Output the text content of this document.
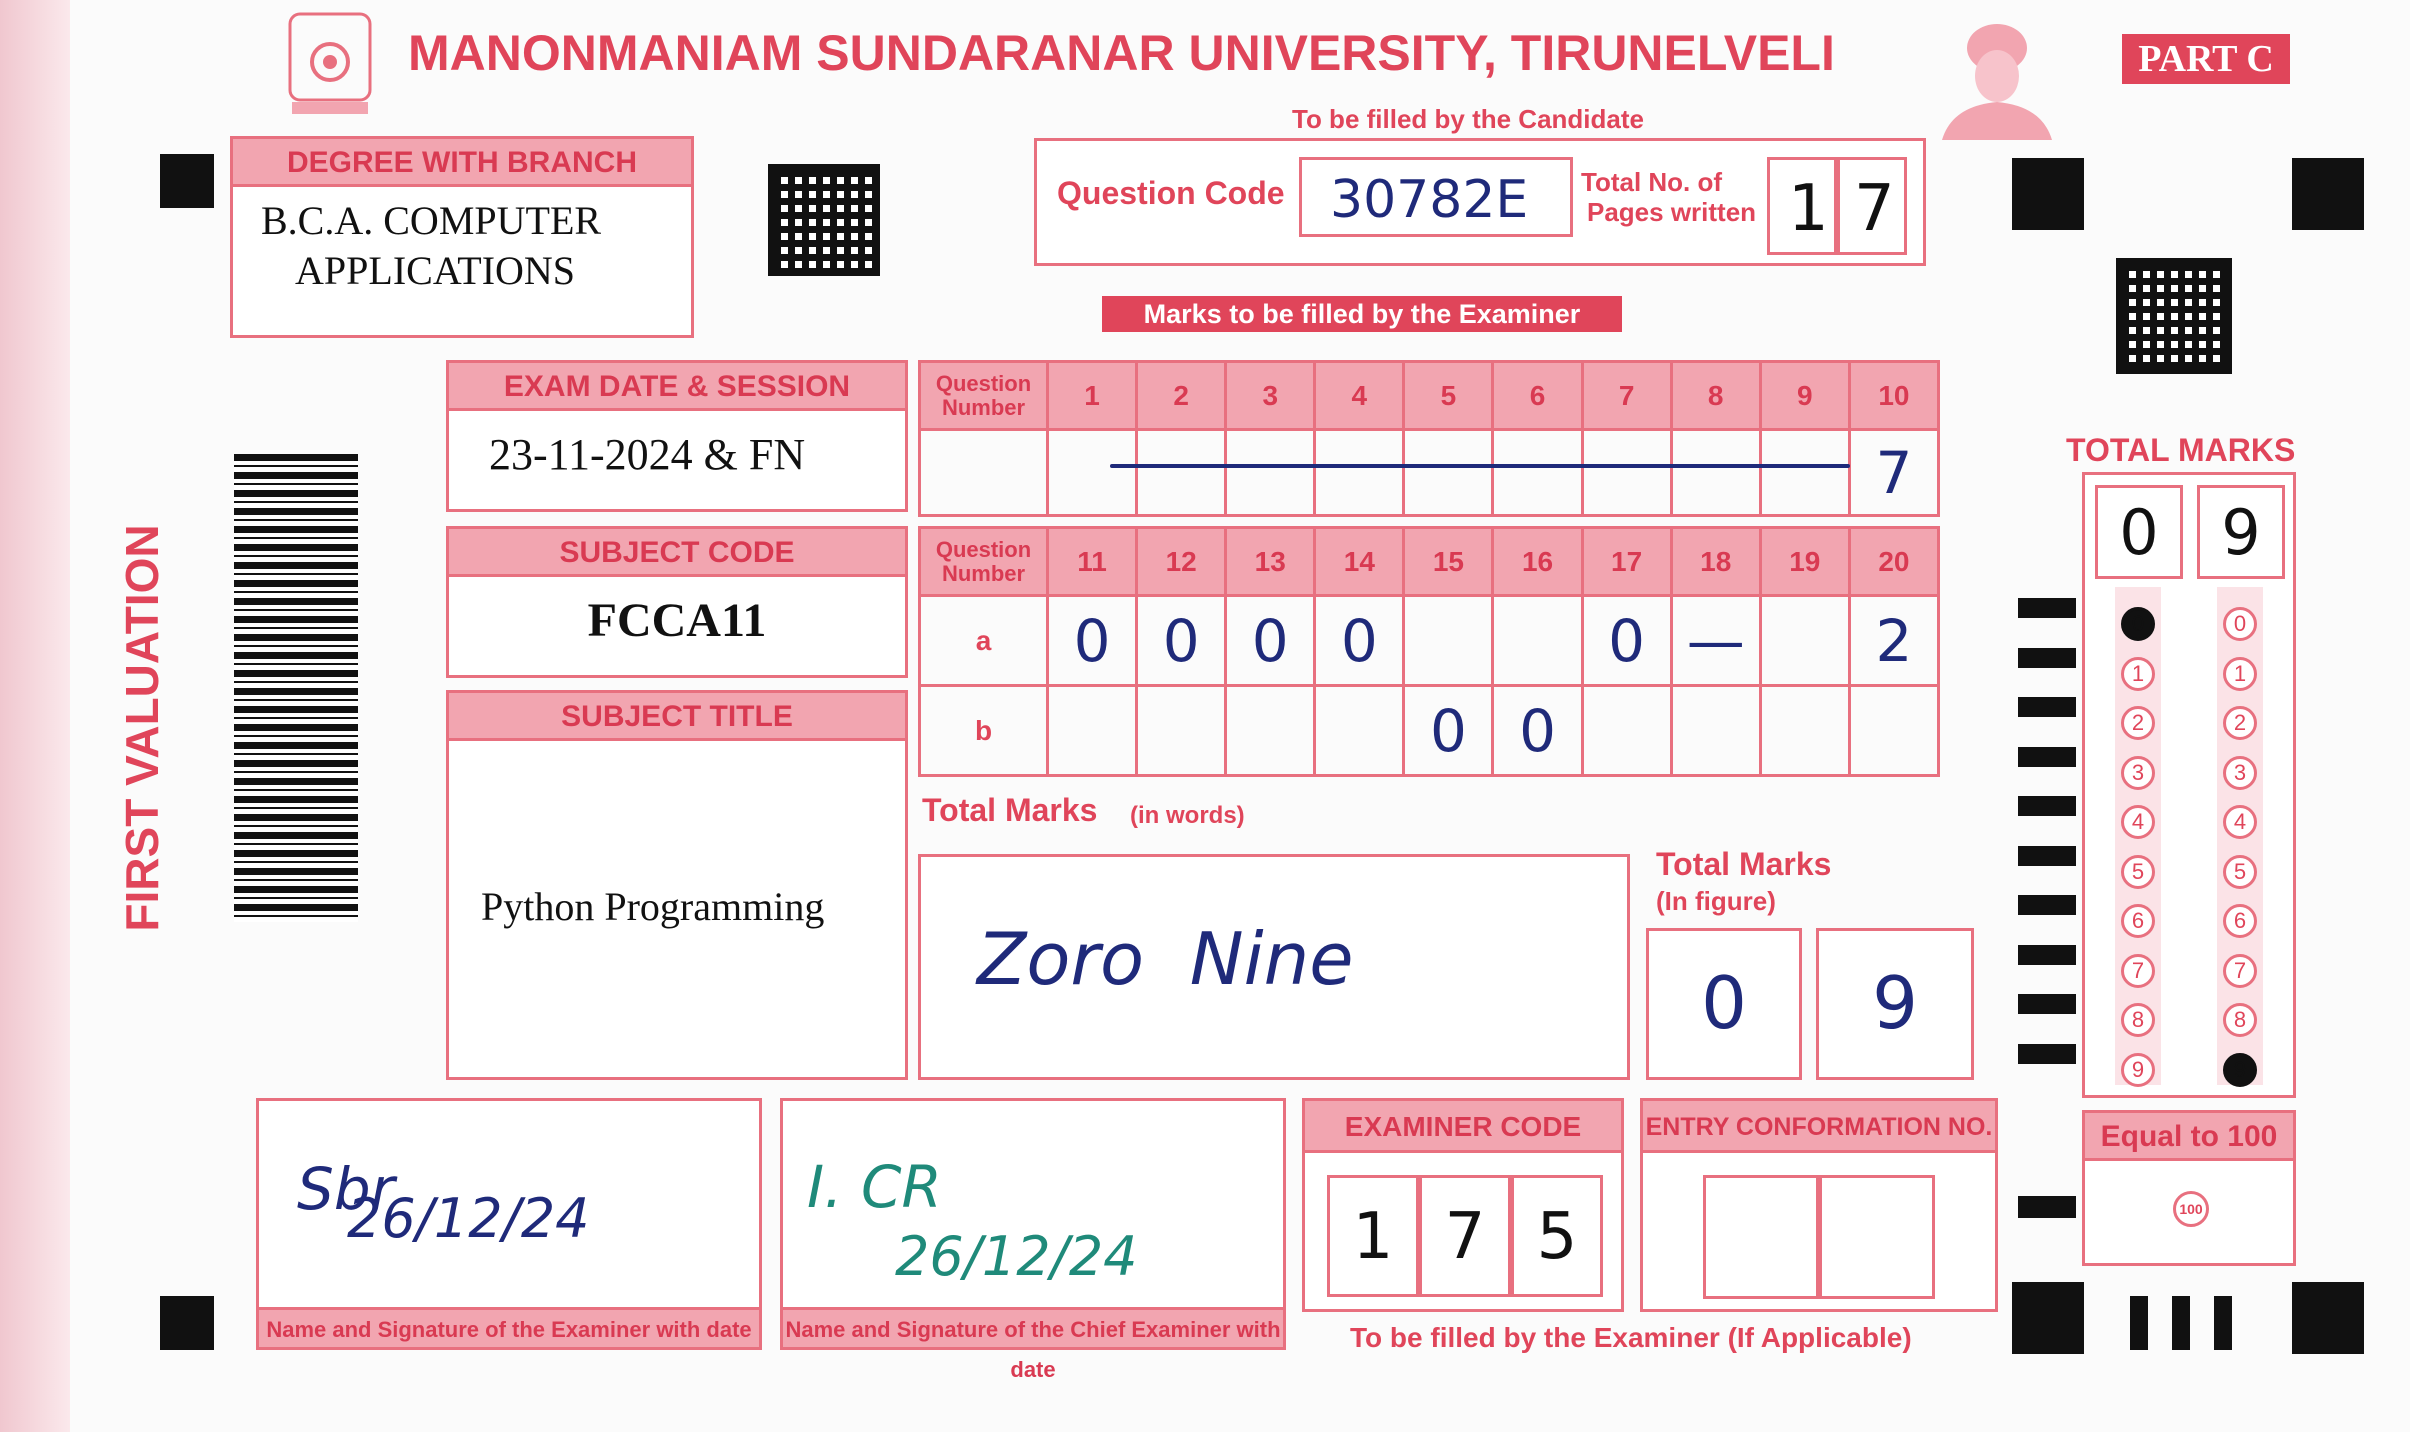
MANONMANIAM SUNDARANAR UNIVERSITY, TIRUNELVELI	PART C
To be filled by the Candidate
DEGREE WITH BRANCH
B.C.A. COMPUTER
APPLICATIONS
Question Code 30782E Total No. of
Pages written 1 7
Marks to be filled by the Examiner
EXAM DATE & SESSION
23-11-2024 & FN
SUBJECT CODE
FCCA11
SUBJECT TITLE
Python Programming
FIRST VALUATION
Question
Number	1	2	3	4	5	6	7	8	9	10
										7
Question
Number	11	12	13	14	15	16	17	18	19	20
a	0	0	0	0			0	—		2
b					0	0				
Total Marks (in words)
Zoro  Nine
Total Marks
(In figure)
0	9
TOTAL MARKS
0	9
0
1
2
3
4
5
6
7
8
9
0
1
2
3
4
5
6
7
8
9
Equal to 100
100
Sbr
26/12/24
Name and Signature of the Examiner with date
I. CR
26/12/24
Name and Signature of the Chief Examiner with date
EXAMINER CODE
1 7 5
ENTRY CONFORMATION NO.
To be filled by the Examiner (If Applicable)
